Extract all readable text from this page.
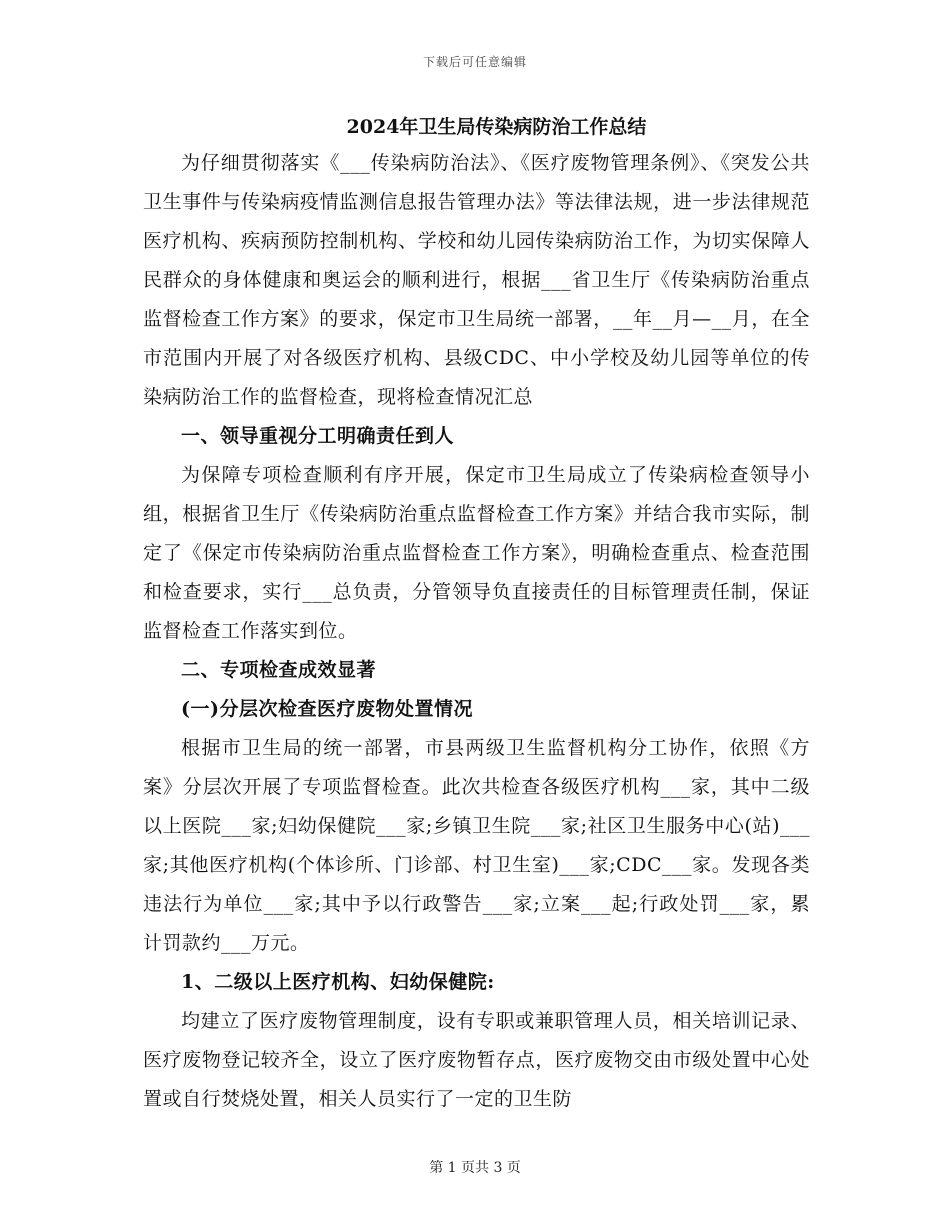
下载后可任意编辑
2024年卫生局传染病防治工作总结

为仔细贯彻落实《___传染病防治法》、《医疗废物管理条例》、《突发公共卫生事件与传染病疫情监测信息报告管理办法》等法律法规，进一步法律规范医疗机构、疾病预防控制机构、学校和幼儿园传染病防治工作，为切实保障人民群众的身体健康和奥运会的顺利进行，根据___省卫生厅《传染病防治重点监督检查工作方案》的要求，保定市卫生局统一部署，__年__月—__月，在全市范围内开展了对各级医疗机构、县级CDC、中小学校及幼儿园等单位的传染病防治工作的监督检查，现将检查情况汇总

一、领导重视分工明确责任到人

为保障专项检查顺利有序开展，保定市卫生局成立了传染病检查领导小组，根据省卫生厅《传染病防治重点监督检查工作方案》并结合我市实际，制定了《保定市传染病防治重点监督检查工作方案》，明确检查重点、检查范围和检查要求，实行___总负责，分管领导负直接责任的目标管理责任制，保证监督检查工作落实到位。

二、专项检查成效显著
(一)分层次检查医疗废物处置情况

根据市卫生局的统一部署，市县两级卫生监督机构分工协作，依照《方案》分层次开展了专项监督检查。此次共检查各级医疗机构___家，其中二级以上医院___家;妇幼保健院___家;乡镇卫生院___家;社区卫生服务中心(站)___家;其他医疗机构(个体诊所、门诊部、村卫生室)___家;CDC___家。发现各类违法行为单位___家;其中予以行政警告___家;立案___起;行政处罚___家，累计罚款约___万元。

1、二级以上医疗机构、妇幼保健院:

均建立了医疗废物管理制度，设有专职或兼职管理人员，相关培训记录、医疗废物登记较齐全，设立了医疗废物暂存点，医疗废物交由市级处置中心处置或自行焚烧处置，相关人员实行了一定的卫生防

第 1 页共 3 页
